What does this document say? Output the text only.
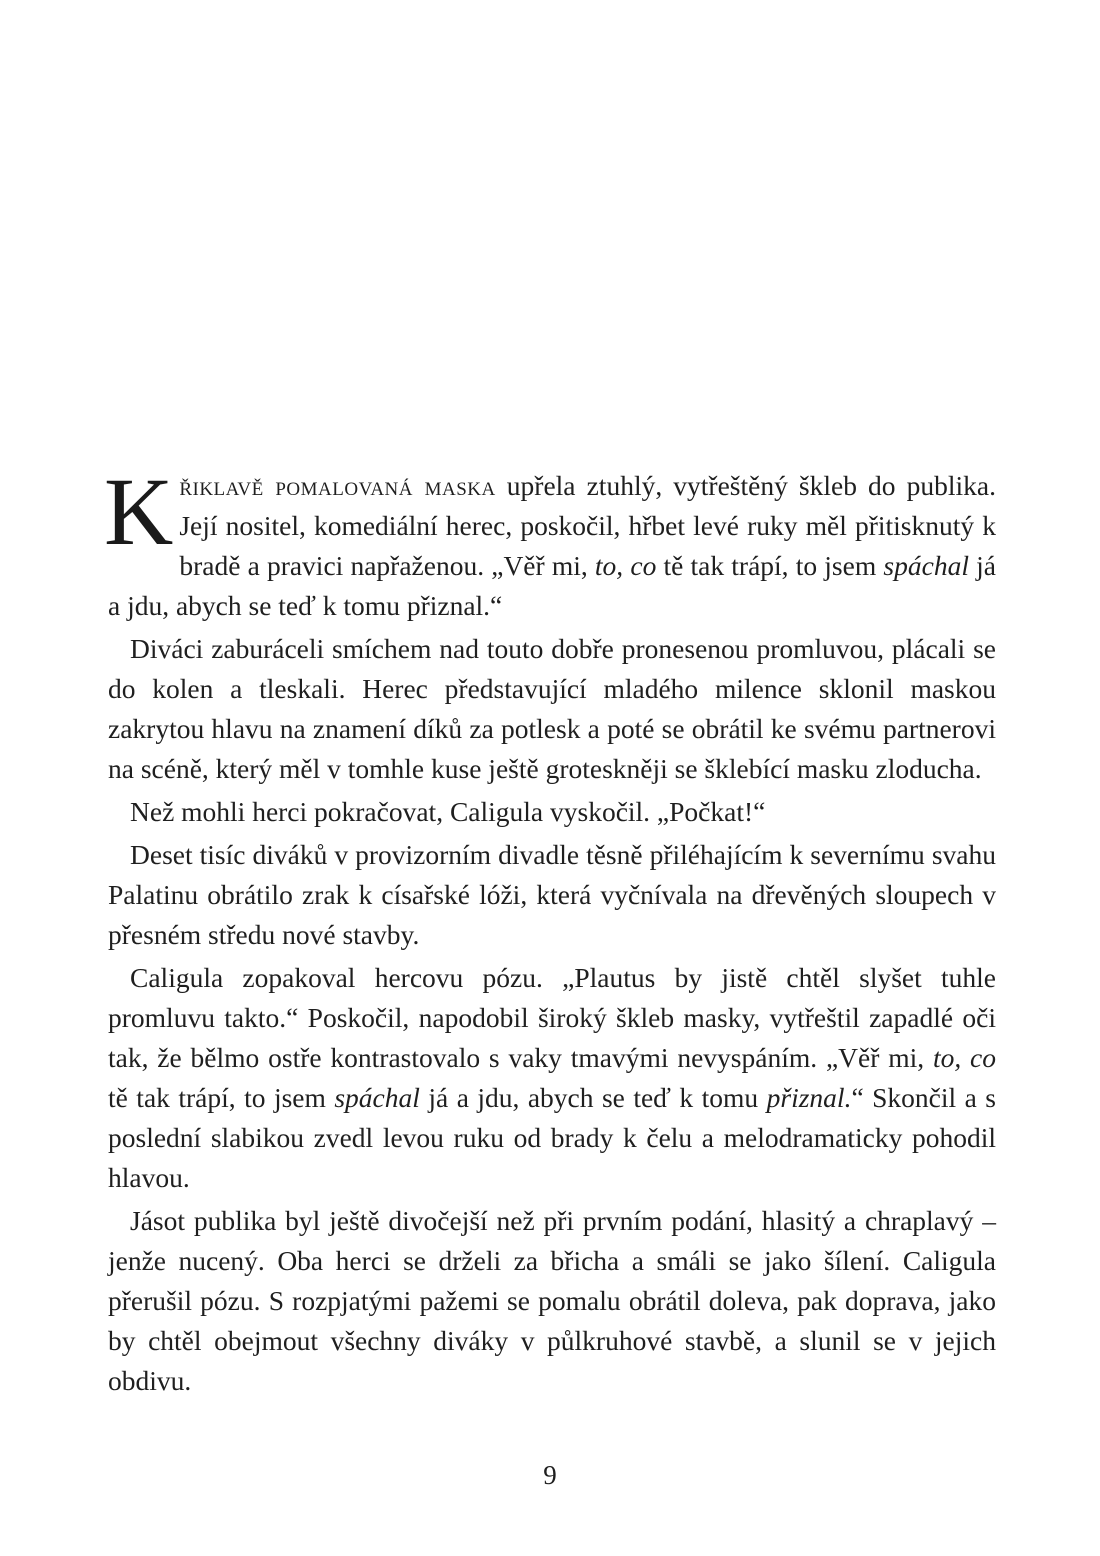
Křiklavě pomalovaná maska upřela ztuhlý, vytřeštěný škleb do publika. Její nositel, komediální herec, poskočil, hřbet levé ruky měl přitisknutý k bradě a pravici napřaženou. „Věř mi, to, co tě tak trápí, to jsem spáchal já a jdu, abych se teď k tomu přiznal.“

Diváci zaburáceli smíchem nad touto dobře pronesenou promluvou, plácali se do kolen a tleskali. Herec představující mladého milence sklonil maskou zakrytou hlavu na znamení díků za potlesk a poté se obrátil ke svému partnerovi na scéně, který měl v tomhle kuse ještě groteskněji se šklebící masku zloducha.

Než mohli herci pokračovat, Caligula vyskočil. „Počkat!“

Deset tisíc diváků v provizorním divadle těsně přiléhajícím k severnímu svahu Palatinu obrátilo zrak k císařské lóži, která vyčnívala na dřevěných sloupech v přesném středu nové stavby.

Caligula zopakoval hercovu pózu. „Plautus by jistě chtěl slyšet tuhle promluvu takto.“ Poskočil, napodobil široký škleb masky, vytřeštil zapadlé oči tak, že bělmo ostře kontrastovalo s vaky tmavými nevyspáním. „Věř mi, to, co tě tak trápí, to jsem spáchal já a jdu, abych se teď k tomu přiznal.“ Skončil a s poslední slabikou zvedl levou ruku od brady k čelu a melodramaticky pohodil hlavou.

Jásot publika byl ještě divočejší než při prvním podání, hlasitý a chraplavý – jenže nucený. Oba herci se drželi za břicha a smáli se jako šílení. Caligula přerušil pózu. S rozpjatými pažemi se pomalu obrátil doleva, pak doprava, jako by chtěl obejmout všechny diváky v půlkruhové stavbě, a slunil se v jejich obdivu.

9
